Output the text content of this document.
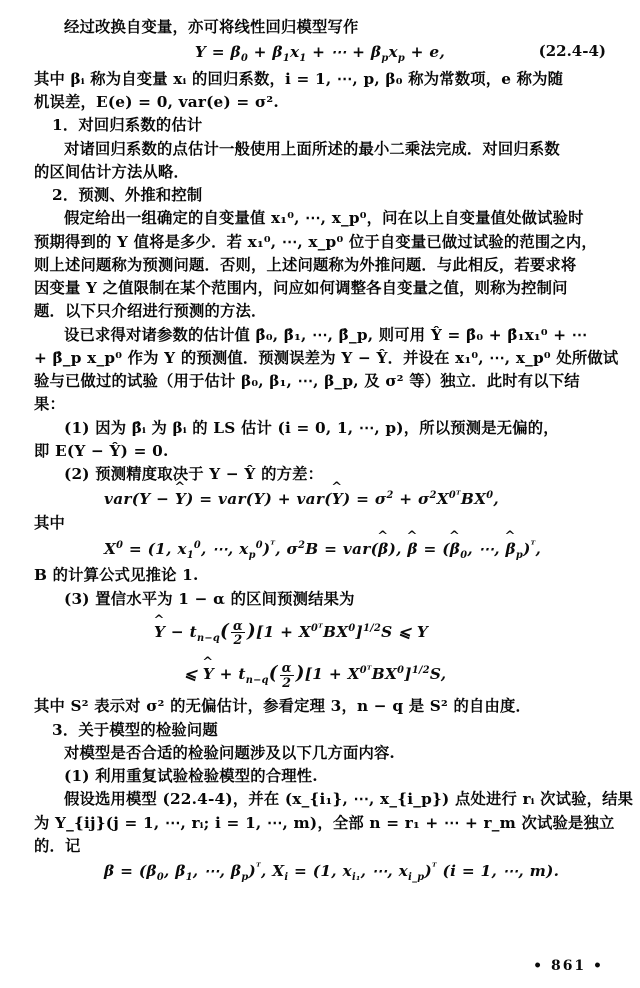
经过改换自变量，亦可将线性回归模型写作
$Y = \beta_0 + \beta_1x_1$ + ⋯ + $\beta_px_p + e$,	(22.4-4)
其中 βᵢ 称为自变量 xᵢ 的回归系数，i = 1, ⋯, p, β₀ 称为常数项，e 称为随
机误差，E(e) = 0, var(e) = σ².
1．对回归系数的估计
对诸回归系数的点估计一般使用上面所述的最小二乘法完成．对回归系数
的区间估计方法从略．
2．预测、外推和控制
假定给出一组确定的自变量值 x₁⁰, ⋯, x_p⁰，问在以上自变量值处做试验时
预期得到的 Y 值将是多少．若 x₁⁰, ⋯, x_p⁰ 位于自变量已做过试验的范围之内，
则上述问题称为预测问题．否则，上述问题称为外推问题．与此相反，若要求将
因变量 Y 之值限制在某个范围内，问应如何调整各自变量之值，则称为控制问
题．以下只介绍进行预测的方法．
设已求得对诸参数的估计值 β̂₀, β̂₁, ⋯, β̂_p, 则可用 Ŷ = β̂₀ + β̂₁x₁⁰ + ⋯
+ β̂_p x_p⁰ 作为 Y 的预测值．预测误差为 Y − Ŷ．并设在 x₁⁰, ⋯, x_p⁰ 处所做试
验与已做过的试验（用于估计 β₀, β₁, ⋯, β_p, 及 σ² 等）独立．此时有以下结
果：
(1) 因为 β̂ᵢ 为 βᵢ 的 LS 估计 (i = 0, 1, ⋯, p)，所以预测是无偏的，
即 E(Y − Ŷ) = 0.
(2) 预测精度取决于 Y − Ŷ 的方差：
var(Y − Y ^) = var(Y) + var(Y ^) = $\sigma^2 + \sigma^2X^{0ᵀ}BX^0$,
其中
$X^0 = (1$, $x_1^0$, ⋯, $x_p^0)^ᵀ$, $\sigma^2B = var(\beta$ ^), β ^ = (β $\^{}_0$, ⋯, β $\^{}_p)^ᵀ$,
B 的计算公式见推论 1.
(3) 置信水平为 1 − α 的区间预测结果为
Y ^ − $t_{n-q}( \frac{\alpha}{2} )[1 + X^{0ᵀ}BX^0]^{1/2}S$ ⩽ Y
⩽ Y ^ + $t_{n-q}( \frac{\alpha}{2} )[1 + X^{0ᵀ}BX^0]^{1/2}S$,
其中 S² 表示对 σ² 的无偏估计，参看定理 3，n − q 是 S² 的自由度．
3．关于模型的检验问题
对模型是否合适的检验问题涉及以下几方面内容.
(1) 利用重复试验检验模型的合理性.
假设选用模型 (22.4-4)，并在 (x_{i₁}, ⋯, x_{i_p}) 点处进行 rᵢ 次试验，结果
为 Y_{ij}(j = 1, ⋯, rᵢ; i = 1, ⋯, m)，全部 n = r₁ + ⋯ + r_m 次试验是独立
的．记
$\beta = (\beta_0$, $\beta_1$, ⋯, $\beta_p)^ᵀ$, $X_i = (1$, $x_{i_1}$, ⋯, $x_{i\_p})^ᵀ$ (i = 1, ⋯, m).
• 861 •
